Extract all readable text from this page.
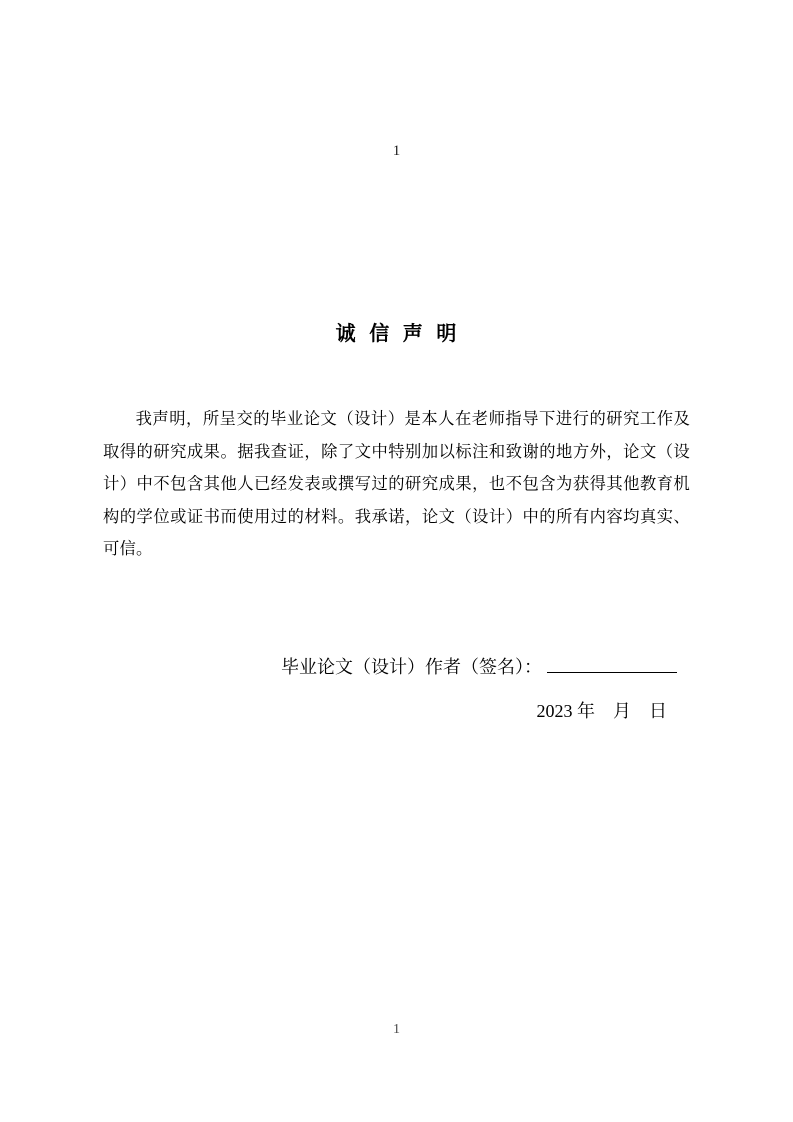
1
诚 信 声 明
我声明，所呈交的毕业论文（设计）是本人在老师指导下进行的研究工作及取得的研究成果。据我查证，除了文中特别加以标注和致谢的地方外，论文（设计）中不包含其他人已经发表或撰写过的研究成果，也不包含为获得其他教育机构的学位或证书而使用过的材料。我承诺，论文（设计）中的所有内容均真实、可信。
毕业论文（设计）作者（签名）：
2023 年　月　日
1
